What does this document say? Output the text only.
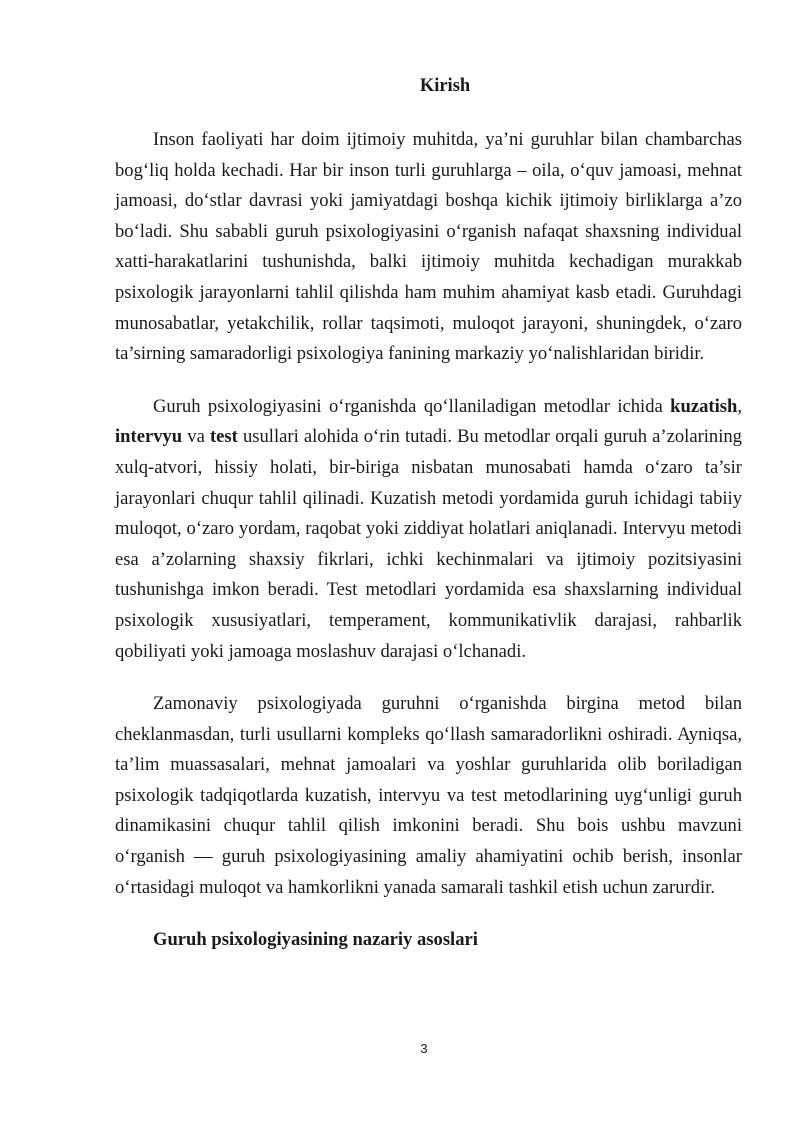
Kirish

Inson faoliyati har doim ijtimoiy muhitda, ya’ni guruhlar bilan chambarchas bog‘liq holda kechadi. Har bir inson turli guruhlarga – oila, o‘quv jamoasi, mehnat jamoasi, do‘stlar davrasi yoki jamiyatdagi boshqa kichik ijtimoiy birliklarga a’zo bo‘ladi. Shu sababli guruh psixologiyasini o‘rganish nafaqat shaxsning individual xatti-harakatlarini tushunishda, balki ijtimoiy muhitda kechadigan murakkab psixologik jarayonlarni tahlil qilishda ham muhim ahamiyat kasb etadi. Guruhdagi munosabatlar, yetakchilik, rollar taqsimoti, muloqot jarayoni, shuningdek, o‘zaro ta’sirning samaradorligi psixologiya fanining markaziy yo‘nalishlaridan biridir.

Guruh psixologiyasini o‘rganishda qo‘llaniladigan metodlar ichida kuzatish, intervyu va test usullari alohida o‘rin tutadi. Bu metodlar orqali guruh a’zolarining xulq-atvori, hissiy holati, bir-biriga nisbatan munosabati hamda o‘zaro ta’sir jarayonlari chuqur tahlil qilinadi. Kuzatish metodi yordamida guruh ichidagi tabiiy muloqot, o‘zaro yordam, raqobat yoki ziddiyat holatlari aniqlanadi. Intervyu metodi esa a’zolarning shaxsiy fikrlari, ichki kechinmalari va ijtimoiy pozitsiyasini tushunishga imkon beradi. Test metodlari yordamida esa shaxslarning individual psixologik xususiyatlari, temperament, kommunikativlik darajasi, rahbarlik qobiliyati yoki jamoaga moslashuv darajasi o‘lchanadi.

Zamonaviy psixologiyada guruhni o‘rganishda birgina metod bilan cheklanmasdan, turli usullarni kompleks qo‘llash samaradorlikni oshiradi. Ayniqsa, ta’lim muassasalari, mehnat jamoalari va yoshlar guruhlarida olib boriladigan psixologik tadqiqotlarda kuzatish, intervyu va test metodlarining uyg‘unligi guruh dinamikasini chuqur tahlil qilish imkonini beradi. Shu bois ushbu mavzuni o‘rganish — guruh psixologiyasining amaliy ahamiyatini ochib berish, insonlar o‘rtasidagi muloqot va hamkorlikni yanada samarali tashkil etish uchun zarurdir.

Guruh psixologiyasining nazariy asoslari

3
